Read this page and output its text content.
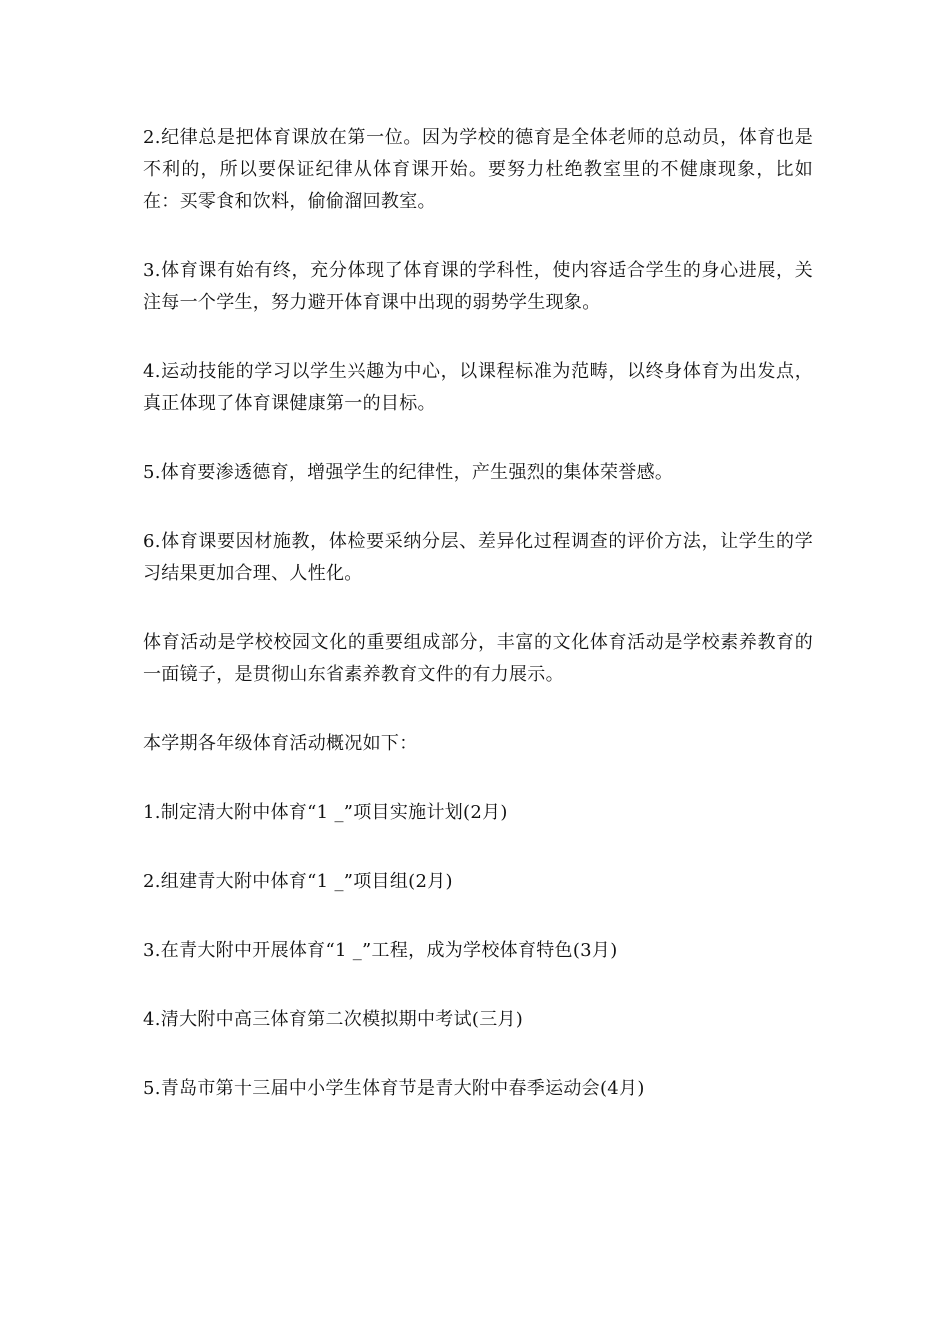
2.纪律总是把体育课放在第一位。因为学校的德育是全体老师的总动员，体育也是不利的，所以要保证纪律从体育课开始。要努力杜绝教室里的不健康现象，比如在：买零食和饮料，偷偷溜回教室。

3.体育课有始有终，充分体现了体育课的学科性，使内容适合学生的身心进展，关注每一个学生，努力避开体育课中出现的弱势学生现象。

4.运动技能的学习以学生兴趣为中心，以课程标准为范畴，以终身体育为出发点，真正体现了体育课健康第一的目标。

5.体育要渗透德育，增强学生的纪律性，产生强烈的集体荣誉感。

6.体育课要因材施教，体检要采纳分层、差异化过程调查的评价方法，让学生的学习结果更加合理、人性化。

体育活动是学校校园文化的重要组成部分，丰富的文化体育活动是学校素养教育的一面镜子，是贯彻山东省素养教育文件的有力展示。

本学期各年级体育活动概况如下：

1.制定清大附中体育“1 _”项目实施计划(2月)

2.组建青大附中体育“1 _”项目组(2月)

3.在青大附中开展体育“1 _”工程，成为学校体育特色(3月)

4.清大附中高三体育第二次模拟期中考试(三月)

5.青岛市第十三届中小学生体育节是青大附中春季运动会(4月)
